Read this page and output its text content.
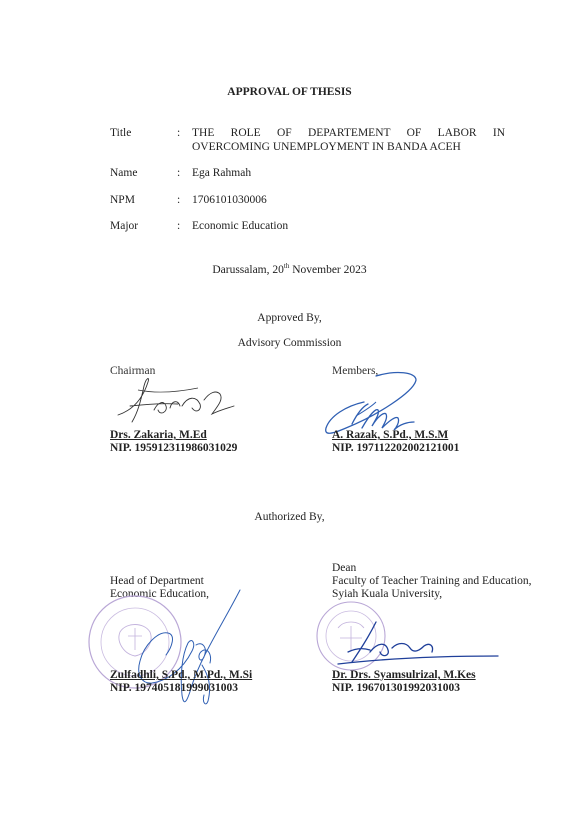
APPROVAL OF THESIS
Title	: THE ROLE OF DEPARTEMENT OF LABOR IN
OVERCOMING UNEMPLOYMENT IN BANDA ACEH
Name	: Ega Rahmah
NPM	: 1706101030006
Major	: Economic Education
Darussalam, 20th November 2023
Approved By,
Advisory Commission
Chairman
Drs. Zakaria, M.Ed
NIP. 195912311986031029
Members,
A. Razak, S.Pd., M.S.M
NIP. 197112202002121001
Authorized By,
Head of Department
Economic Education,
Zulfadhli, S.Pd., M.Pd., M.Si
NIP. 197405181999031003
Dean
Faculty of Teacher Training and Education,
Syiah Kuala University,
Dr. Drs. Syamsulrizal, M.Kes
NIP. 196701301992031003
